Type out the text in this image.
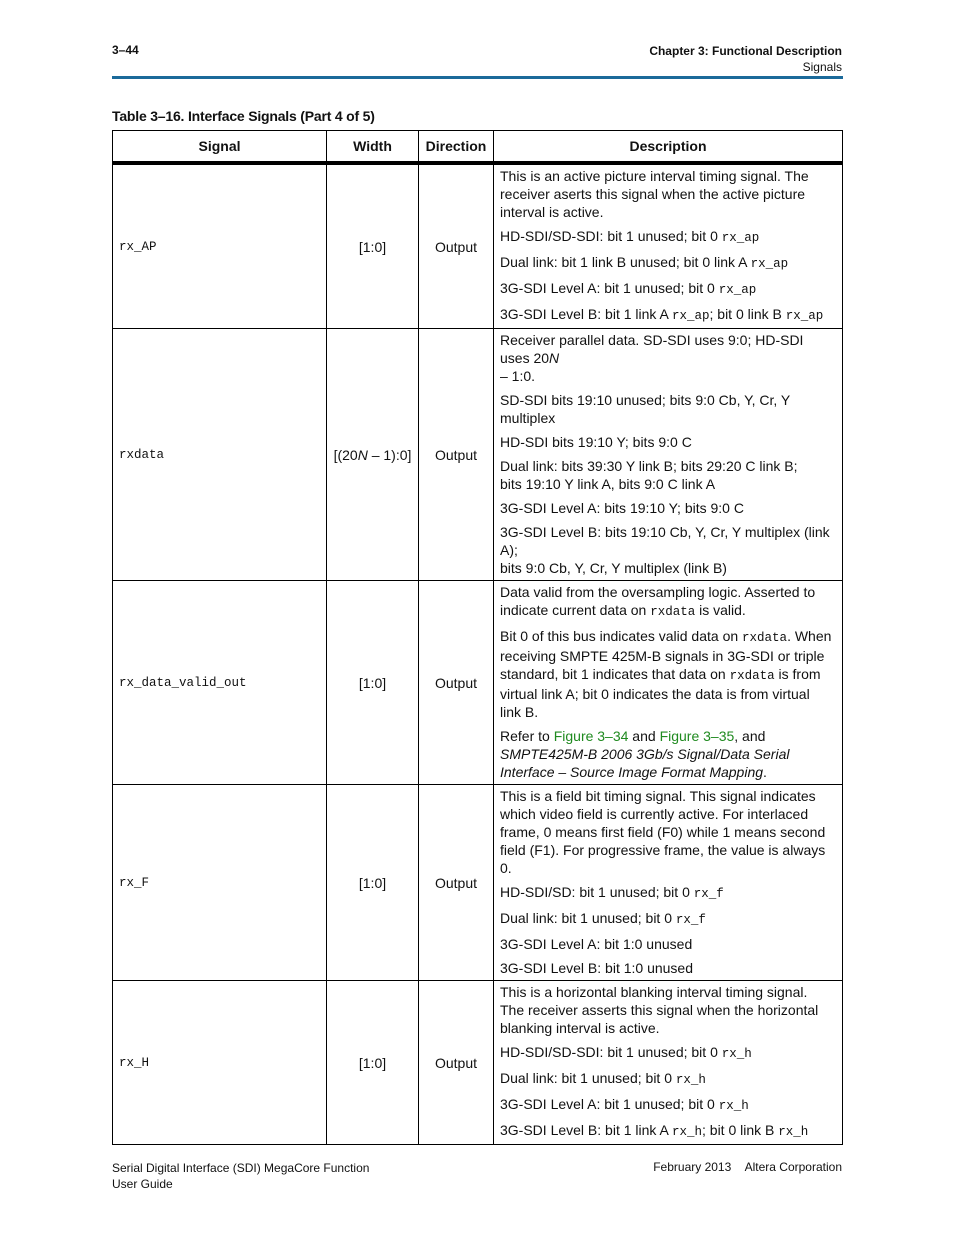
3–44	Chapter 3: Functional Description
Signals
Table 3–16. Interface Signals (Part 4 of 5)
Signal	Width	Direction	Description
rx_AP	[1:0]	Output	This is an active picture interval timing signal. The receiver aserts this signal when the active picture interval is active.

HD-SDI/SD-SDI: bit 1 unused; bit 0 rx_ap

Dual link: bit 1 link B unused; bit 0 link A rx_ap

3G-SDI Level A: bit 1 unused; bit 0 rx_ap

3G-SDI Level B: bit 1 link A rx_ap; bit 0 link B rx_ap

rxdata	[(20N – 1):0]	Output	

Receiver parallel data. SD-SDI uses 9:0; HD-SDI uses 20N
– 1:0.

SD-SDI bits 19:10 unused; bits 9:0 Cb, Y, Cr, Y multiplex

HD-SDI bits 19:10 Y; bits 9:0 C

Dual link: bits 39:30 Y link B; bits 29:20 C link B;
bits 19:10 Y link A, bits 9:0 C link A

3G-SDI Level A: bits 19:10 Y; bits 9:0 C

3G-SDI Level B: bits 19:10 Cb, Y, Cr, Y multiplex (link A);
bits 9:0 Cb, Y, Cr, Y multiplex (link B)

rx_data_valid_out	[1:0]	Output	Data valid from the oversampling logic. Asserted to indicate current data on rxdata is valid.

Bit 0 of this bus indicates valid data on rxdata. When receiving SMPTE 425M-B signals in 3G-SDI or triple standard, bit 1 indicates that data on rxdata is from virtual link A; bit 0 indicates the data is from virtual link B.

Refer to Figure 3–34 and Figure 3–35, and SMPTE425M-B 2006 3Gb/s Signal/Data Serial Interface – Source Image Format Mapping.

rx_F	[1:0]	Output	This is a field bit timing signal. This signal indicates which video field is currently active. For interlaced frame, 0 means first field (F0) while 1 means second field (F1). For progressive frame, the value is always 0.

HD-SDI/SD: bit 1 unused; bit 0 rx_f

Dual link: bit 1 unused; bit 0 rx_f

3G-SDI Level A: bit 1:0 unused

3G-SDI Level B: bit 1:0 unused

rx_H	[1:0]	Output	This is a horizontal blanking interval timing signal. The receiver asserts this signal when the horizontal blanking interval is active.

HD-SDI/SD-SDI: bit 1 unused; bit 0 rx_h

Dual link: bit 1 unused; bit 0 rx_h

3G-SDI Level A: bit 1 unused; bit 0 rx_h

3G-SDI Level B: bit 1 link A rx_h; bit 0 link B rx_h

Serial Digital Interface (SDI) MegaCore Function
User Guide
February 2013 Altera Corporation
